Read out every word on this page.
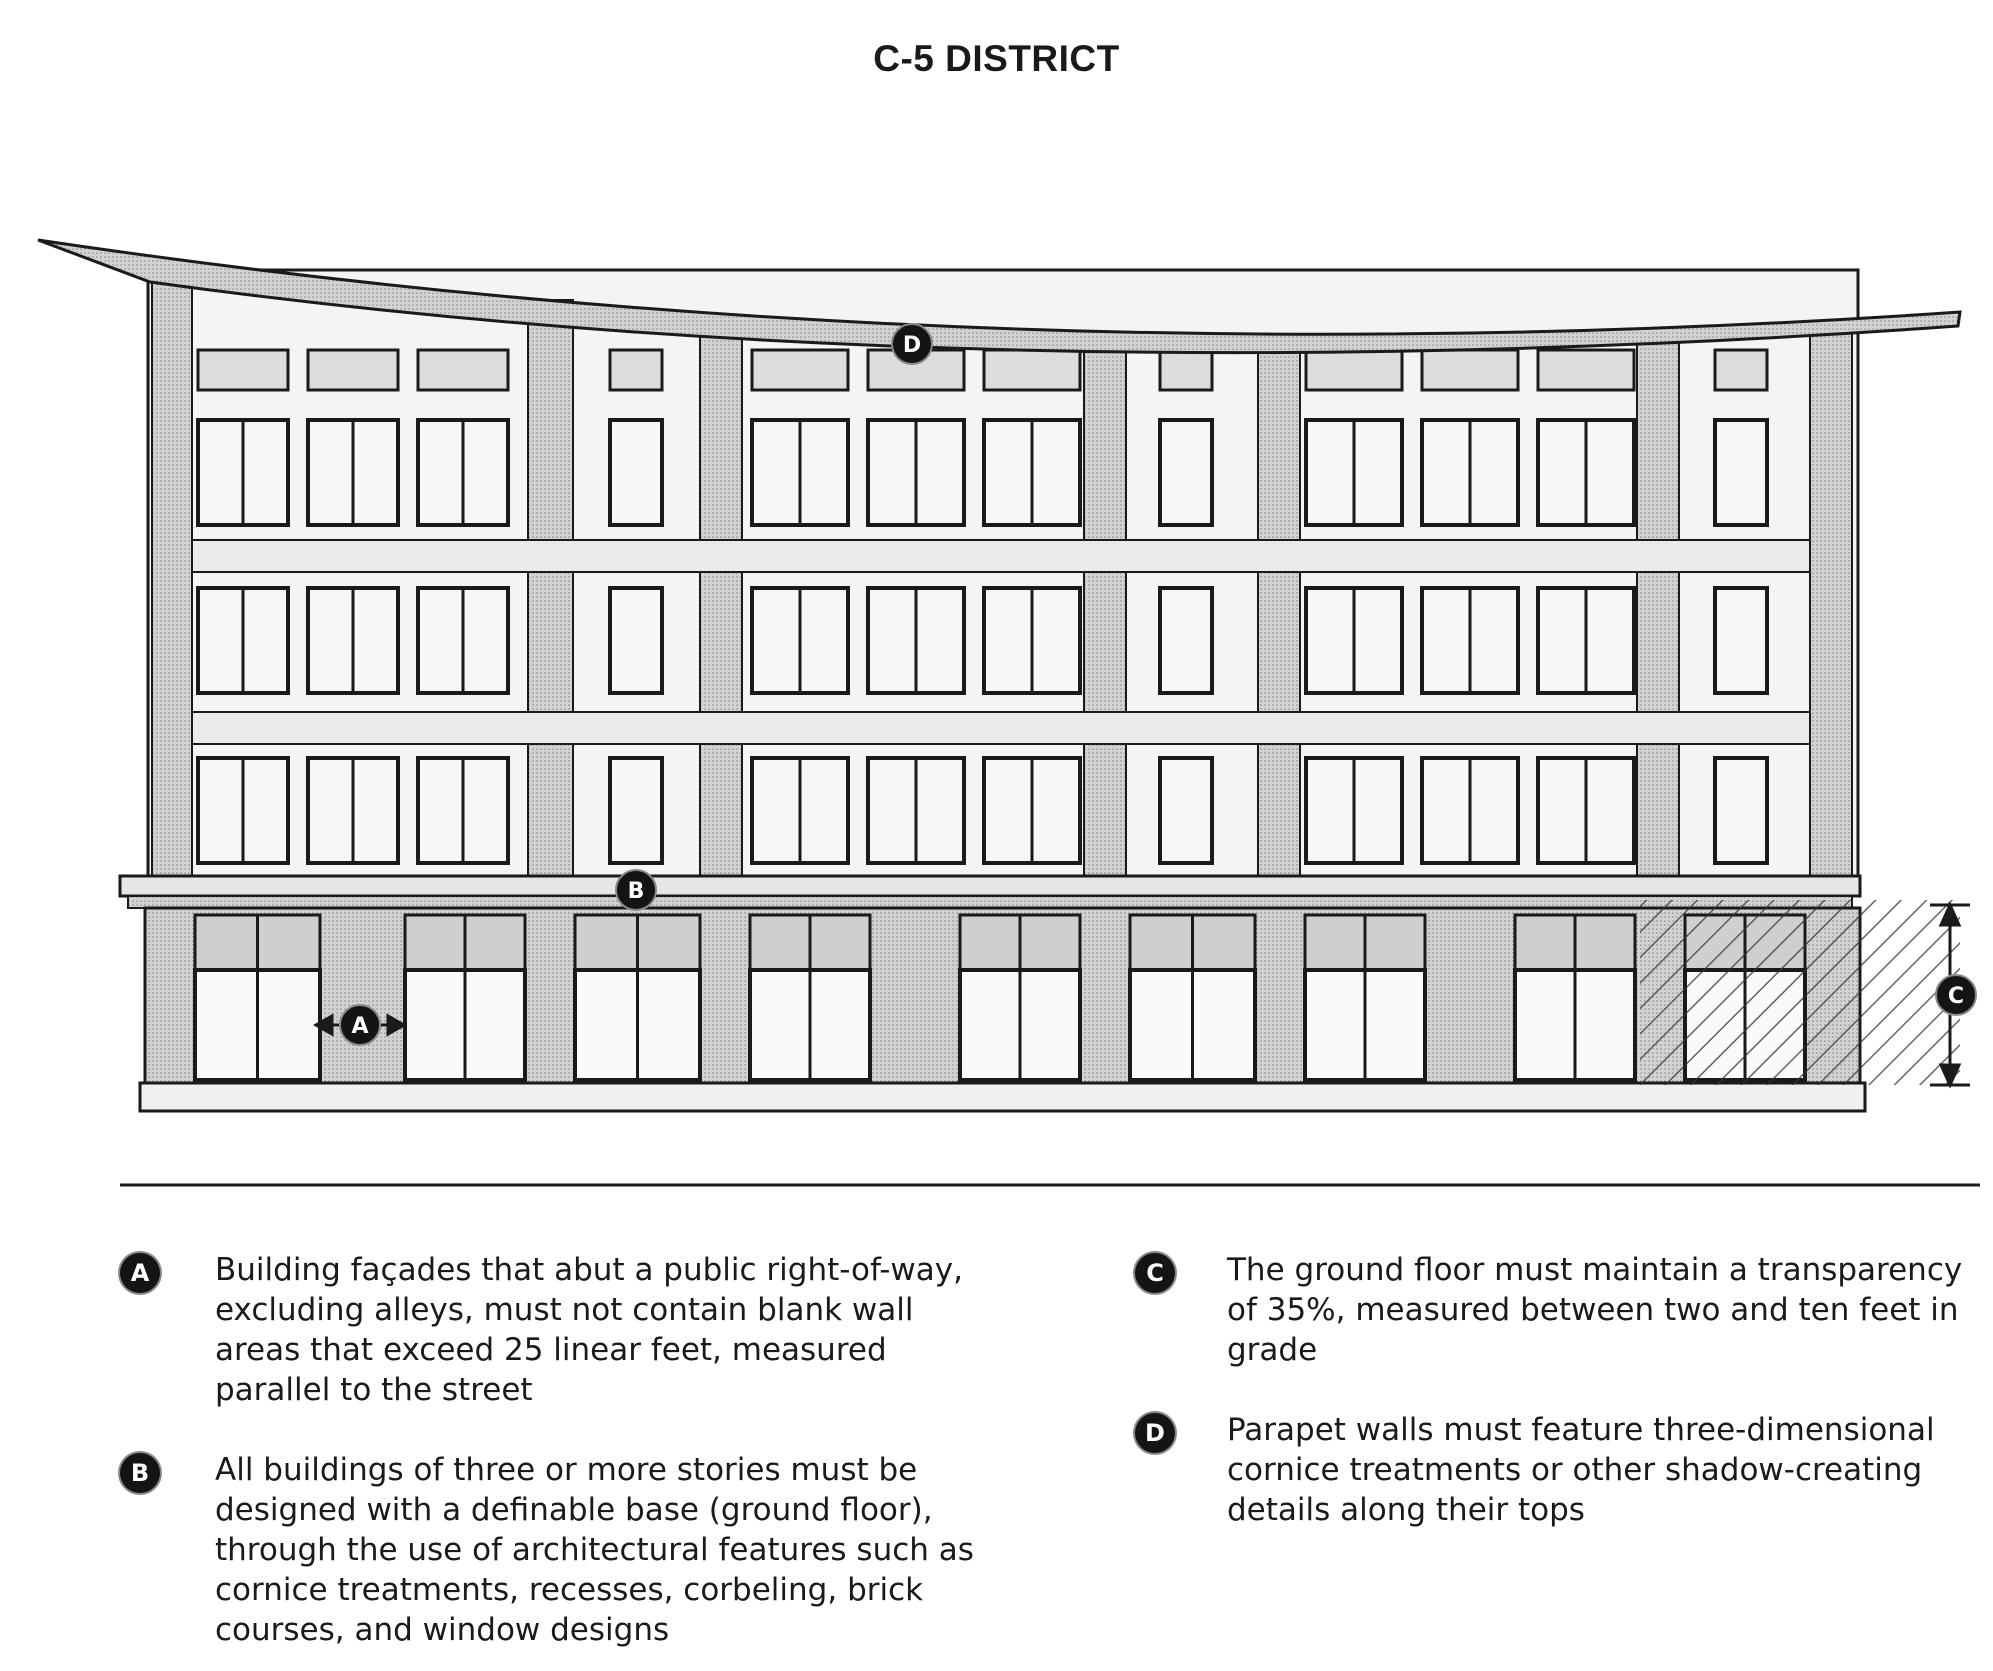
C-5 DISTRICT
D
B
A
C
A	Building façades that abut a public right-of-way, excluding alleys, must not contain blank wall areas that exceed 25 linear feet, measured parallel to the street

B	All buildings of three or more stories must be designed with a definable base (ground floor), through the use of architectural features such as cornice treatments, recesses, corbeling, brick courses, and window designs

C	The ground floor must maintain a transparency of 35%, measured between two and ten feet in grade

D	Parapet walls must feature three-dimensional cornice treatments or other shadow-creating details along their tops
